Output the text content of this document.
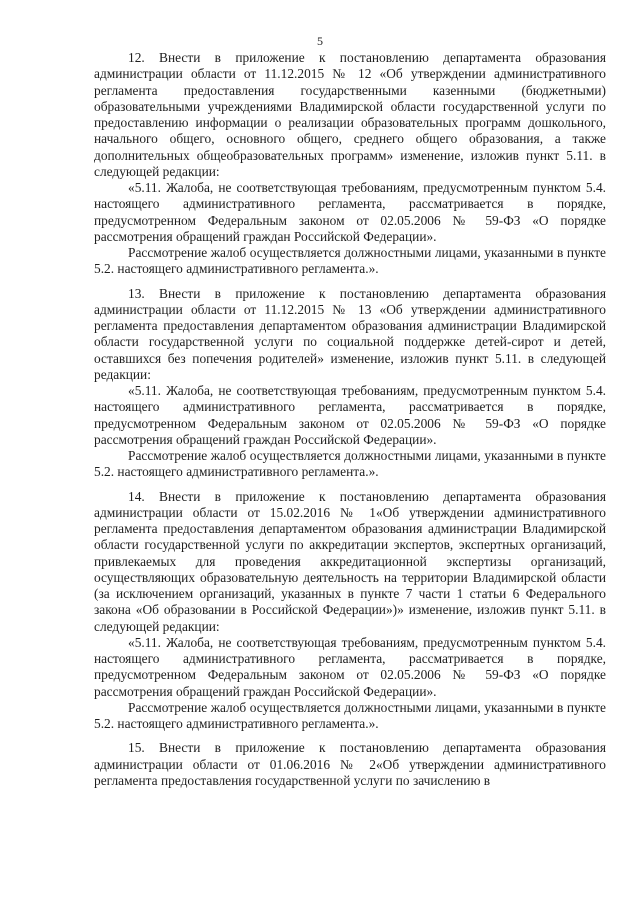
5

12. Внести в приложение к постановлению департамента образования администрации области от 11.12.2015 № 12 «Об утверждении административного регламента предоставления государственными казенными (бюджетными) образовательными учреждениями Владимирской области государственной услуги по предоставлению информации о реализации образовательных программ дошкольного, начального общего, основного общего, среднего общего образования, а также дополнительных общеобразовательных программ» изменение, изложив пункт 5.11. в следующей редакции:

«5.11. Жалоба, не соответствующая требованиям, предусмотренным пунктом 5.4. настоящего административного регламента, рассматривается в порядке, предусмотренном Федеральным законом от 02.05.2006 № 59-ФЗ «О порядке рассмотрения обращений граждан Российской Федерации».

Рассмотрение жалоб осуществляется должностными лицами, указанными в пункте 5.2. настоящего административного регламента.».

13. Внести в приложение к постановлению департамента образования администрации области от 11.12.2015 № 13 «Об утверждении административного регламента предоставления департаментом образования администрации Владимирской области государственной услуги по социальной поддержке детей-сирот и детей, оставшихся без попечения родителей» изменение, изложив пункт 5.11. в следующей редакции:

«5.11. Жалоба, не соответствующая требованиям, предусмотренным пунктом 5.4. настоящего административного регламента, рассматривается в порядке, предусмотренном Федеральным законом от 02.05.2006 № 59-ФЗ «О порядке рассмотрения обращений граждан Российской Федерации».

Рассмотрение жалоб осуществляется должностными лицами, указанными в пункте 5.2. настоящего административного регламента.».

14. Внести в приложение к постановлению департамента образования администрации области от 15.02.2016 № 1«Об утверждении административного регламента предоставления департаментом образования администрации Владимирской области государственной услуги по аккредитации экспертов, экспертных организаций, привлекаемых для проведения аккредитационной экспертизы организаций, осуществляющих образовательную деятельность на территории Владимирской области (за исключением организаций, указанных в пункте 7 части 1 статьи 6 Федерального закона «Об образовании в Российской Федерации»)» изменение, изложив пункт 5.11. в следующей редакции:

«5.11. Жалоба, не соответствующая требованиям, предусмотренным пунктом 5.4. настоящего административного регламента, рассматривается в порядке, предусмотренном Федеральным законом от 02.05.2006 № 59-ФЗ «О порядке рассмотрения обращений граждан Российской Федерации».

Рассмотрение жалоб осуществляется должностными лицами, указанными в пункте 5.2. настоящего административного регламента.».

15. Внести в приложение к постановлению департамента образования администрации области от 01.06.2016 № 2«Об утверждении административного регламента предоставления государственной услуги по зачислению в
